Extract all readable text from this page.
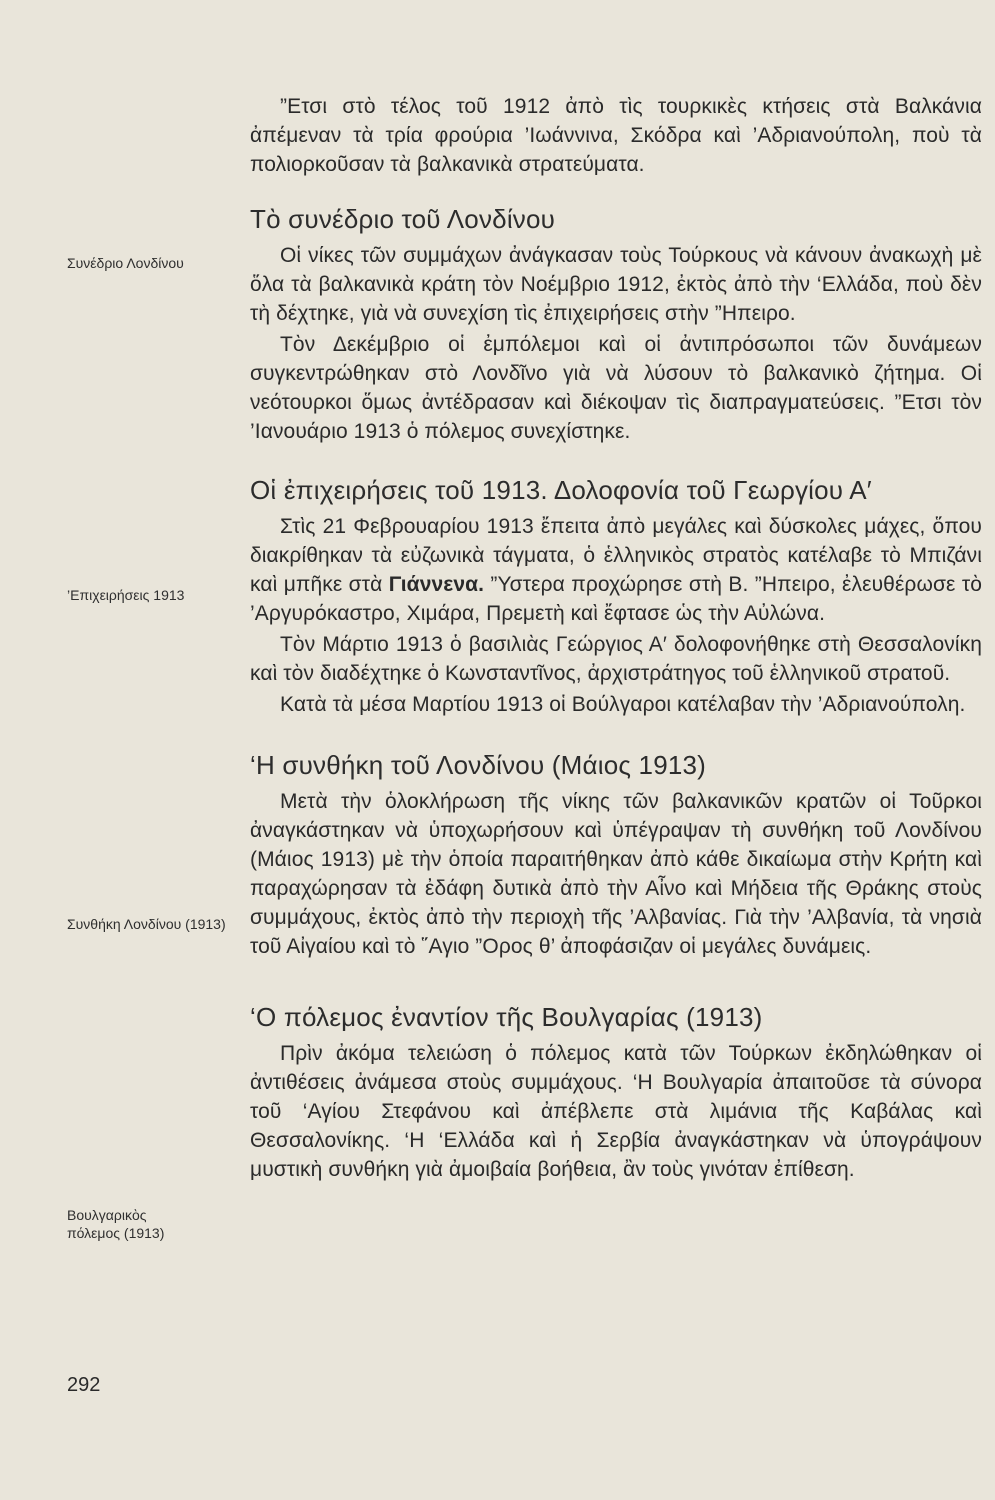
Συνέδριο Λονδίνου
’Επιχειρήσεις 1913
Συνθήκη Λονδίνου (1913)
Βουλγαρικὸς πόλεμος (1913)

”Ετσι στὸ τέλος τοῦ 1912 ἀπὸ τὶς τουρκικὲς κτήσεις στὰ Βαλκάνια ἀπέμεναν τὰ τρία φρούρια ’Ιωάννινα, Σκόδρα καὶ ’Αδριανούπολη, ποὺ τὰ πολιορκοῦσαν τὰ βαλκανικὰ στρατεύματα.

Τὸ συνέδριο τοῦ Λονδίνου

Οἱ νίκες τῶν συμμάχων ἀνάγκασαν τοὺς Τούρκους νὰ κάνουν ἀνακωχὴ μὲ ὅλα τὰ βαλκανικὰ κράτη τὸν Νοέμβριο 1912, ἐκτὸς ἀπὸ τὴν ‘Ελλάδα, ποὺ δὲν τὴ δέχτηκε, γιὰ νὰ συνεχίση τὶς ἐπιχειρήσεις στὴν ”Ηπειρο.

Τὸν Δεκέμβριο οἱ ἐμπόλεμοι καὶ οἱ ἀντιπρόσωποι τῶν δυνάμεων συγκεντρώθηκαν στὸ Λονδῖνο γιὰ νὰ λύσουν τὸ βαλκανικὸ ζήτημα. Οἱ νεότουρκοι ὅμως ἀντέδρασαν καὶ διέκοψαν τὶς διαπραγματεύσεις. ”Ετσι τὸν ’Ιανουάριο 1913 ὁ πόλεμος συνεχίστηκε.

Οἱ ἐπιχειρήσεις τοῦ 1913. Δολοφονία τοῦ Γεωργίου Α′

Στὶς 21 Φεβρουαρίου 1913 ἔπειτα ἀπὸ μεγάλες καὶ δύσκολες μάχες, ὅπου διακρίθηκαν τὰ εὐζωνικὰ τάγματα, ὁ ἑλληνικὸς στρατὸς κατέλαβε τὸ Μπιζάνι καὶ μπῆκε στὰ Γιάννενα. ”Υστερα προχώρησε στὴ Β. ”Ηπειρο, ἐλευθέρωσε τὸ ’Αργυρόκαστρο, Χιμάρα, Πρεμετὴ καὶ ἔφτασε ὡς τὴν Αὐλώνα.

Τὸν Μάρτιο 1913 ὁ βασιλιὰς Γεώργιος Α′ δολοφονήθηκε στὴ Θεσσαλονίκη καὶ τὸν διαδέχτηκε ὁ Κωνσταντῖνος, ἀρχιστράτηγος τοῦ ἑλληνικοῦ στρατοῦ.

Κατὰ τὰ μέσα Μαρτίου 1913 οἱ Βούλγαροι κατέλαβαν τὴν ’Αδριανούπολη.

‘Η συνθήκη τοῦ Λονδίνου (Μάιος 1913)

Μετὰ τὴν ὁλοκλήρωση τῆς νίκης τῶν βαλκανικῶν κρατῶν οἱ Τοῦρκοι ἀναγκάστηκαν νὰ ὑποχωρήσουν καὶ ὑπέγραψαν τὴ συνθήκη τοῦ Λονδίνου (Μάιος 1913) μὲ τὴν ὁποία παραιτήθηκαν ἀπὸ κάθε δικαίωμα στὴν Κρήτη καὶ παραχώρησαν τὰ ἐδάφη δυτικὰ ἀπὸ τὴν Αἶνο καὶ Μήδεια τῆς Θράκης στοὺς συμμάχους, ἐκτὸς ἀπὸ τὴν περιοχὴ τῆς ’Αλβανίας. Γιὰ τὴν ’Αλβανία, τὰ νησιὰ τοῦ Αἰγαίου καὶ τὸ ῞Αγιο ”Ορος θ’ ἀποφάσιζαν οἱ μεγάλες δυνάμεις.

‘Ο πόλεμος ἐναντίον τῆς Βουλγαρίας (1913)

Πρὶν ἀκόμα τελειώση ὁ πόλεμος κατὰ τῶν Τούρκων ἐκδηλώθηκαν οἱ ἀντιθέσεις ἀνάμεσα στοὺς συμμάχους. ‘Η Βουλγαρία ἀπαιτοῦσε τὰ σύνορα τοῦ ‘Αγίου Στεφάνου καὶ ἀπέβλεπε στὰ λιμάνια τῆς Καβάλας καὶ Θεσσαλονίκης. ‘Η ‘Ελλάδα καὶ ἡ Σερβία ἀναγκάστηκαν νὰ ὑπογράψουν μυστικὴ συνθήκη γιὰ ἀμοιβαία βοήθεια, ἂν τοὺς γινόταν ἐπίθεση.

292
